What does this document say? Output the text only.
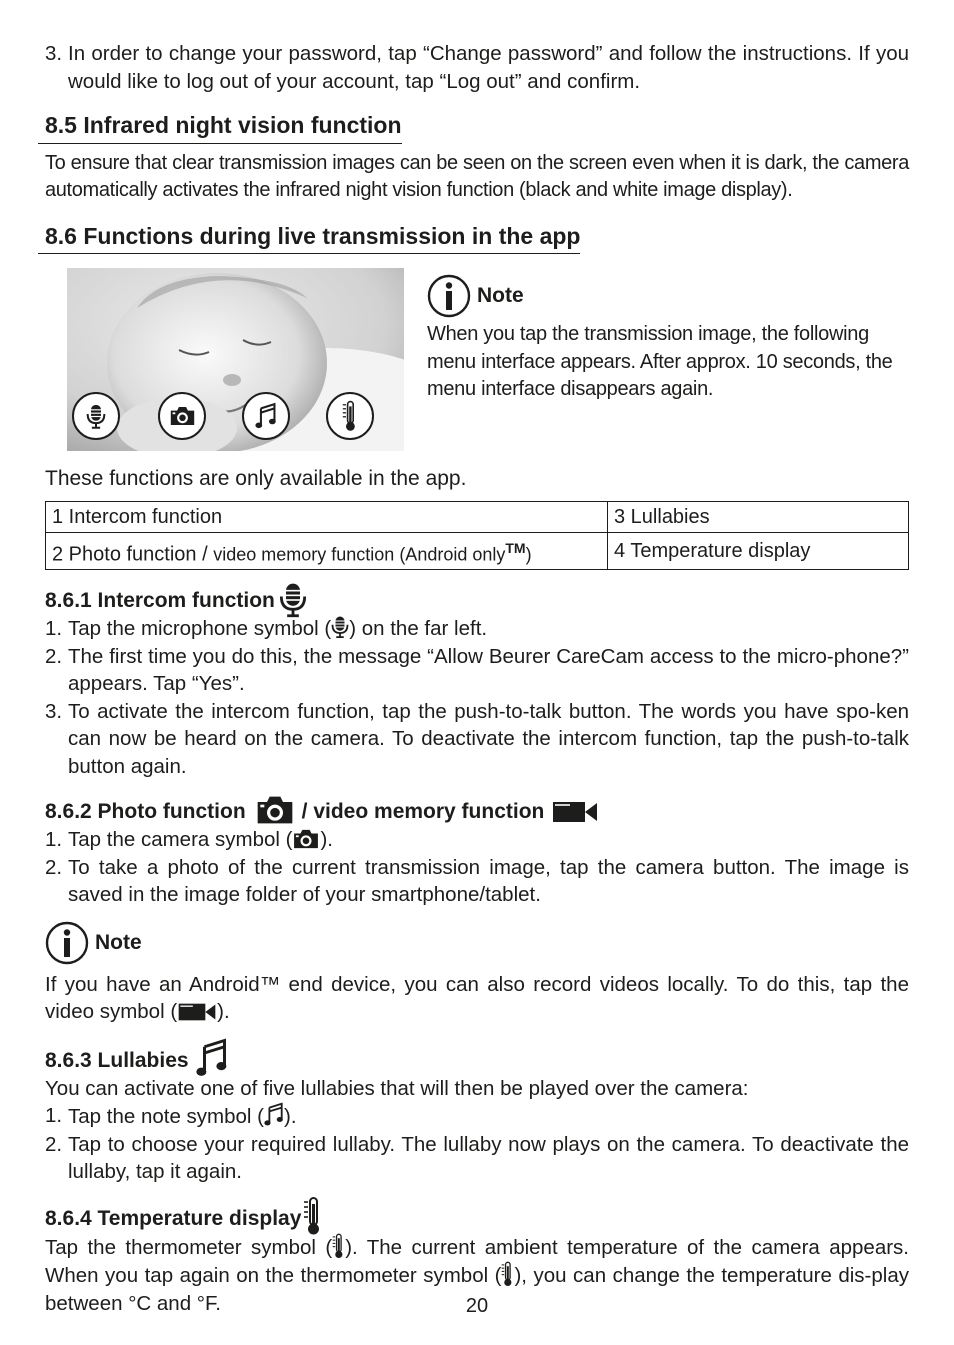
3. In order to change your password, tap “Change password” and follow the instructions. If you would like to log out of your account, tap “Log out” and confirm.
8.5 Infrared night vision function
To ensure that clear transmission images can be seen on the screen even when it is dark, the camera automatically activates the infrared night vision function (black and white image display).
8.6 Functions during live transmission in the app
Note
When you tap the transmission image, the following menu interface appears. After approx. 10 seconds, the menu interface disappears again.
These functions are only available in the app.
1 Intercom function	3 Lullabies
2 Photo function / video memory function (Android only™)	4 Temperature display
8.6.1 Intercom function
1. Tap the microphone symbol ( ) on the far left.
2. The first time you do this, the message “Allow Beurer CareCam access to the micro-phone?” appears. Tap “Yes”.
3. To activate the intercom function, tap the push-to-talk button. The words you have spo-ken can now be heard on the camera. To deactivate the intercom function, tap the push-to-talk button again.
8.6.2 Photo function	/ video memory function
1. Tap the camera symbol ( ).
2. To take a photo of the current transmission image, tap the camera button. The image is saved in the image folder of your smartphone/tablet.
Note
If you have an Android™ end device, you can also record videos locally. To do this, tap the video symbol ( ).
8.6.3 Lullabies
You can activate one of five lullabies that will then be played over the camera:
1. Tap the note symbol ( ).
2. Tap to choose your required lullaby. The lullaby now plays on the camera. To deactivate the lullaby, tap it again.
8.6.4 Temperature display
Tap the thermometer symbol ( ). The current ambient temperature of the camera appears. When you tap again on the thermometer symbol ( ), you can change the temperature dis-play between °C and °F.	20
